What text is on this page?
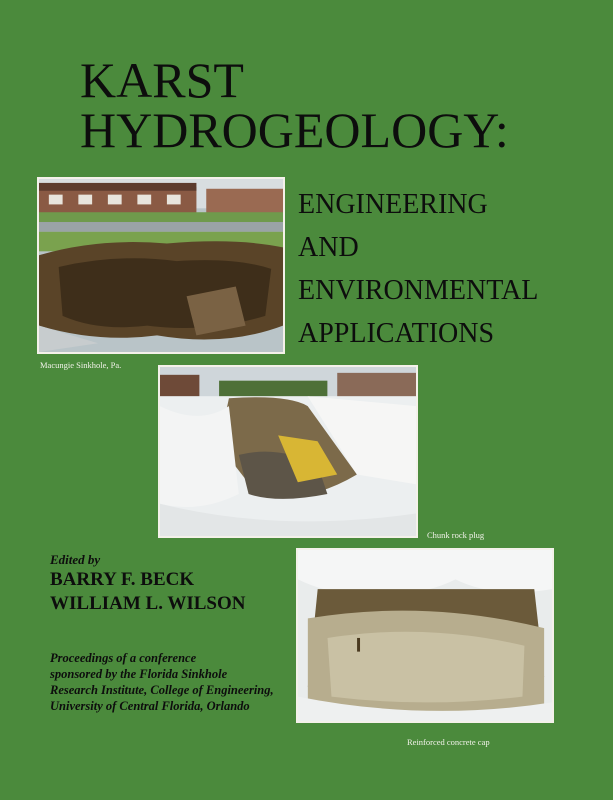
KARST
HYDROGEOLOGY:
ENGINEERING
AND
ENVIRONMENTAL
APPLICATIONS
Macungie Sinkhole, Pa.
Chunk rock plug
Edited by
BARRY F. BECK
WILLIAM L. WILSON
Reinforced concrete cap
Proceedings of a conference
sponsored by the Florida Sinkhole
Research Institute, College of Engineering,
University of Central Florida, Orlando
